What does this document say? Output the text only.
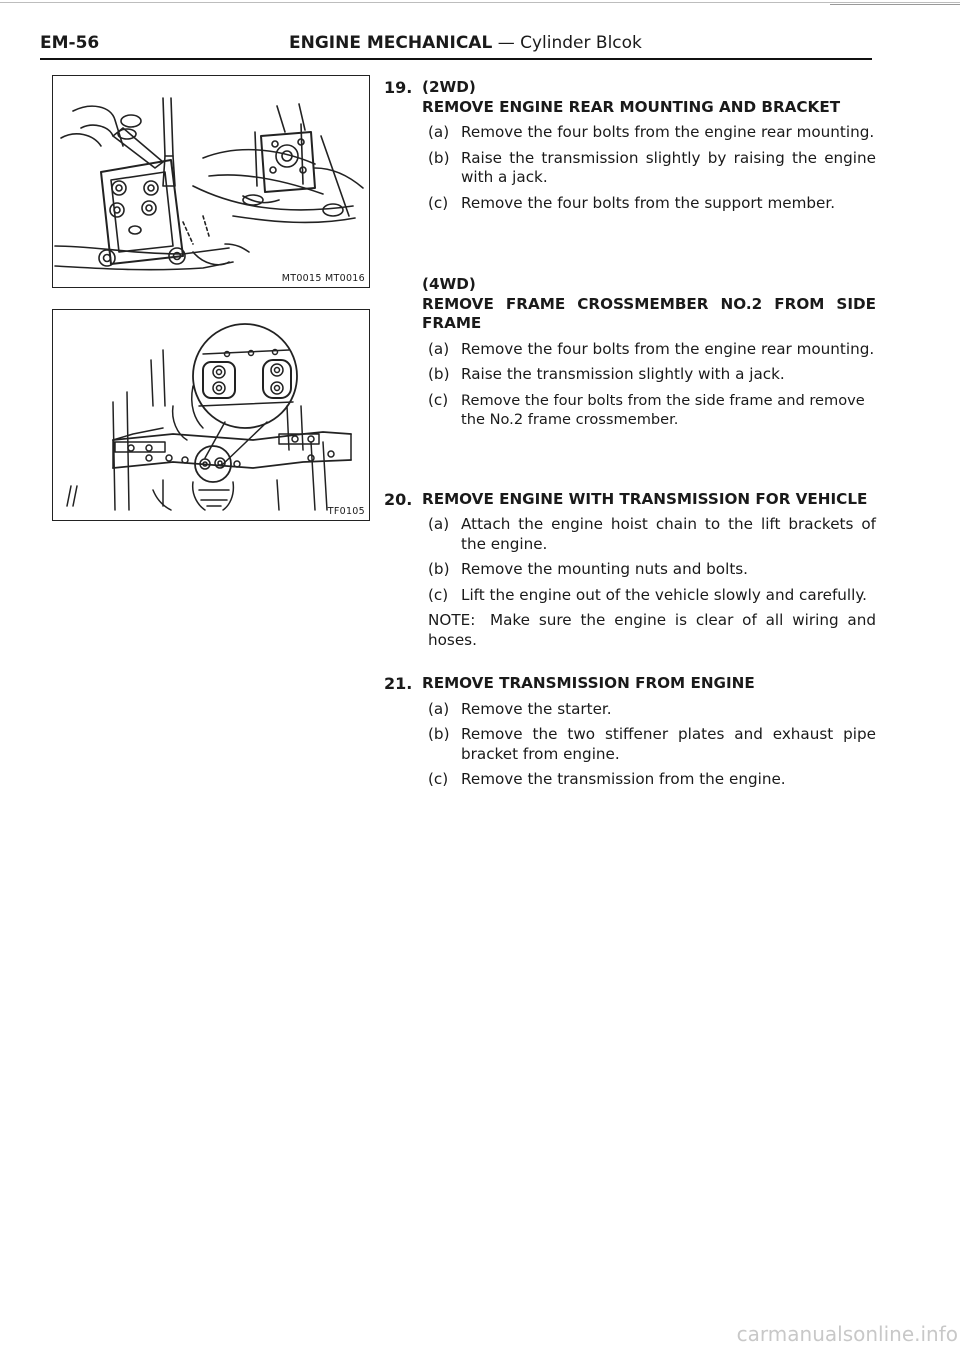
EM-56	ENGINE MECHANICAL — Cylinder Blcok
MT0015 MT0016
TF0105
19. (2WD)
REMOVE ENGINE REAR MOUNTING AND BRACKET
(a) Remove the four bolts from the engine rear mounting.
(b) Raise the transmission slightly by raising the engine with a jack.
(c) Remove the four bolts from the support member.
(4WD)
REMOVE FRAME CROSSMEMBER NO.2 FROM SIDE FRAME
(a) Remove the four bolts from the engine rear mounting.
(b) Raise the transmission slightly with a jack.
(c) Remove the four bolts from the side frame and remove the No.2 frame crossmember.
20. REMOVE ENGINE WITH TRANSMISSION FOR VEHICLE
(a) Attach the engine hoist chain to the lift brackets of the engine.
(b) Remove the mounting nuts and bolts.
(c) Lift the engine out of the vehicle slowly and carefully.
NOTE: Make sure the engine is clear of all wiring and hoses.
21. REMOVE TRANSMISSION FROM ENGINE
(a) Remove the starter.
(b) Remove the two stiffener plates and exhaust pipe bracket from engine.
(c) Remove the transmission from the engine.
carmanualsonline.info
